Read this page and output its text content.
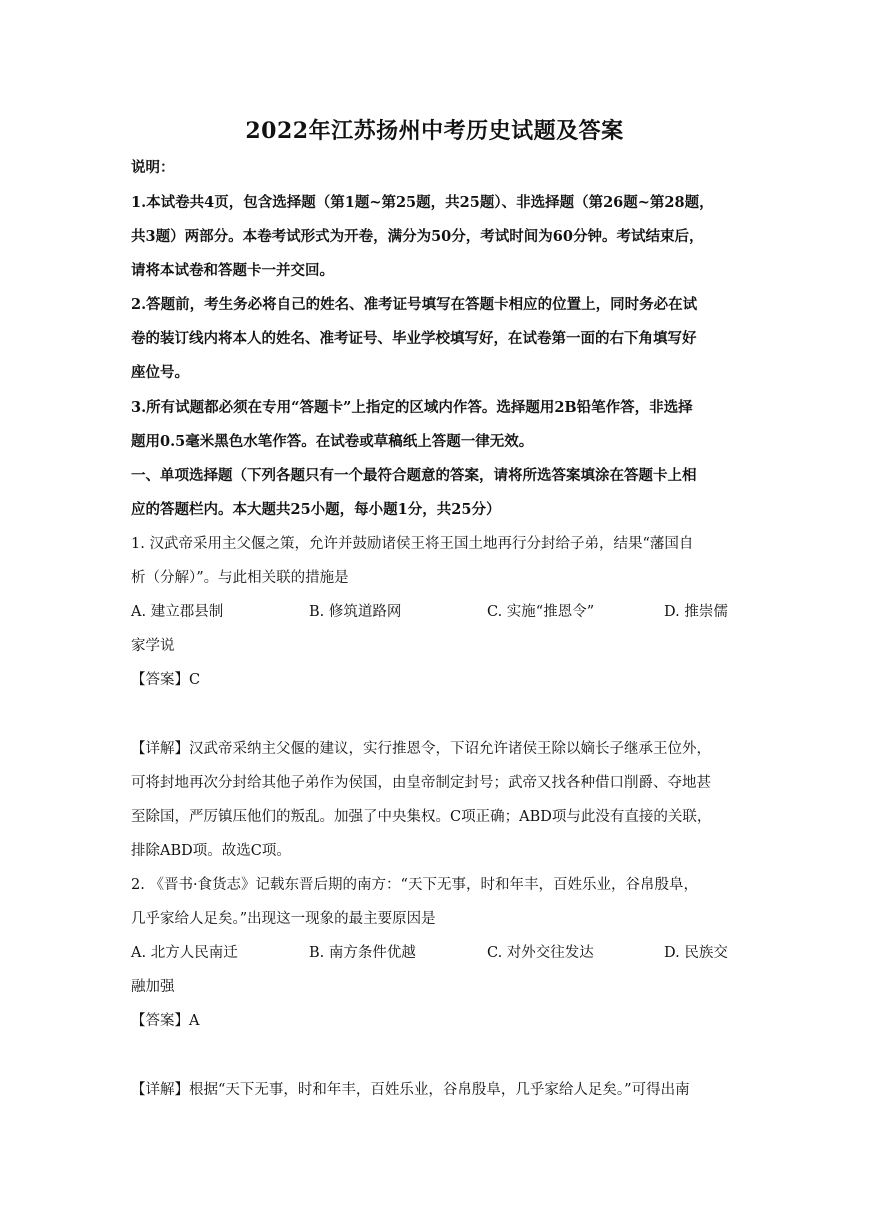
2022年江苏扬州中考历史试题及答案
说明：
1.本试卷共4页，包含选择题（第1题~第25题，共25题）、非选择题（第26题~第28题，
共3题）两部分。本卷考试形式为开卷，满分为50分，考试时间为60分钟。考试结束后，
请将本试卷和答题卡一并交回。
2.答题前，考生务必将自己的姓名、准考证号填写在答题卡相应的位置上，同时务必在试
卷的装订线内将本人的姓名、准考证号、毕业学校填写好，在试卷第一面的右下角填写好
座位号。
3.所有试题都必须在专用“答题卡”上指定的区域内作答。选择题用2B铅笔作答，非选择
题用0.5毫米黑色水笔作答。在试卷或草稿纸上答题一律无效。
一、单项选择题（下列各题只有一个最符合题意的答案，请将所选答案填涂在答题卡上相
应的答题栏内。本大题共25小题，每小题1分，共25分）
1. 汉武帝采用主父偃之策，允许并鼓励诸侯王将王国土地再行分封给子弟，结果“藩国自
析（分解）”。与此相关联的措施是
A. 建立郡县制	B. 修筑道路网	C. 实施“推恩令”	D. 推崇儒
家学说
【答案】C
【详解】汉武帝采纳主父偃的建议，实行推恩令，下诏允许诸侯王除以嫡长子继承王位外，
可将封地再次分封给其他子弟作为侯国，由皇帝制定封号；武帝又找各种借口削爵、夺地甚
至除国，严厉镇压他们的叛乱。加强了中央集权。C项正确；ABD项与此没有直接的关联，
排除ABD项。故选C项。
2. 《晋书·食货志》记载东晋后期的南方：“天下无事，时和年丰，百姓乐业，谷帛殷阜，
几乎家给人足矣。”出现这一现象的最主要原因是
A. 北方人民南迁	B. 南方条件优越	C. 对外交往发达	D. 民族交
融加强
【答案】A
【详解】根据“天下无事，时和年丰，百姓乐业，谷帛殷阜，几乎家给人足矣。”可得出南
